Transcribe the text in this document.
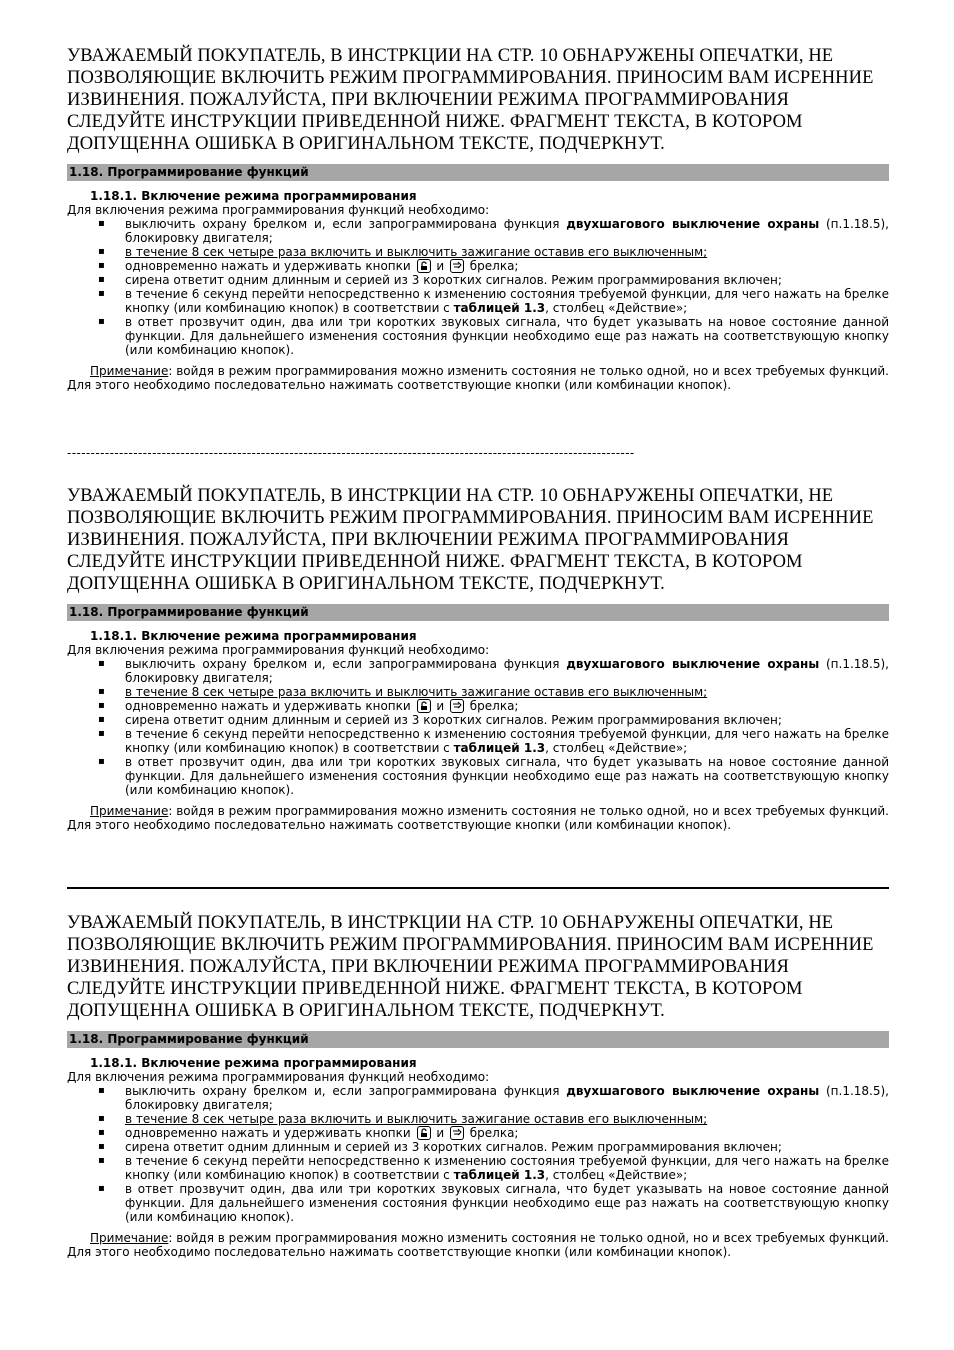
УВАЖАЕМЫЙ ПОКУПАТЕЛЬ, В ИНСТРКЦИИ НА СТР. 10 ОБНАРУЖЕНЫ ОПЕЧАТКИ, НЕ ПОЗВОЛЯЮЩИЕ ВКЛЮЧИТЬ РЕЖИМ ПРОГРАММИРОВАНИЯ. ПРИНОСИМ ВАМ ИСРЕННИЕ ИЗВИНЕНИЯ. ПОЖАЛУЙСТА, ПРИ ВКЛЮЧЕНИИ РЕЖИМА ПРОГРАММИРОВАНИЯ СЛЕДУЙТЕ ИНСТРУКЦИИ ПРИВЕДЕННОЙ НИЖЕ. ФРАГМЕНТ ТЕКСТА, В КОТОРОМ ДОПУЩЕННА ОШИБКА В ОРИГИНАЛЬНОМ ТЕКСТЕ, ПОДЧЕРКНУТ.

1.18. Программирование функций
1.18.1. Включение режима программирования

Для включения режима программирования функций необходимо:

▪ выключить охрану брелком и, если запрограммирована функция двухшагового выключение охраны (п.1.18.5), блокировку двигателя;
▪ в течение 8 сек четыре раза включить и выключить зажигание оставив его выключенным;
▪ одновременно нажать и удерживать кнопки
и
брелка;
▪ сирена ответит одним длинным и серией из 3 коротких сигналов. Режим программирования включен;
▪ в течение 6 секунд перейти непосредственно к изменению состояния требуемой функции, для чего нажать на брелке кнопку (или комбинацию кнопок) в соответствии с таблицей 1.3, столбец «Действие»;
▪ в ответ прозвучит один, два или три коротких звуковых сигнала, что будет указывать на новое состояние данной функции. Для дальнейшего изменения состояния функции необходимо еще раз нажать на соответствующую кнопку (или комбинацию кнопок).

Примечание: войдя в режим программирования можно изменить состояния не только одной, но и всех требуемых функций. Для этого необходимо последовательно нажимать соответствующие кнопки (или комбинации кнопок).

------------------------------------------------------------------------------------------------------------------------

УВАЖАЕМЫЙ ПОКУПАТЕЛЬ, В ИНСТРКЦИИ НА СТР. 10 ОБНАРУЖЕНЫ ОПЕЧАТКИ, НЕ ПОЗВОЛЯЮЩИЕ ВКЛЮЧИТЬ РЕЖИМ ПРОГРАММИРОВАНИЯ. ПРИНОСИМ ВАМ ИСРЕННИЕ ИЗВИНЕНИЯ. ПОЖАЛУЙСТА, ПРИ ВКЛЮЧЕНИИ РЕЖИМА ПРОГРАММИРОВАНИЯ СЛЕДУЙТЕ ИНСТРУКЦИИ ПРИВЕДЕННОЙ НИЖЕ. ФРАГМЕНТ ТЕКСТА, В КОТОРОМ ДОПУЩЕННА ОШИБКА В ОРИГИНАЛЬНОМ ТЕКСТЕ, ПОДЧЕРКНУТ.

1.18. Программирование функций
1.18.1. Включение режима программирования

Для включения режима программирования функций необходимо:

▪ выключить охрану брелком и, если запрограммирована функция двухшагового выключение охраны (п.1.18.5), блокировку двигателя;
▪ в течение 8 сек четыре раза включить и выключить зажигание оставив его выключенным;
▪ одновременно нажать и удерживать кнопки
и
брелка;
▪ сирена ответит одним длинным и серией из 3 коротких сигналов. Режим программирования включен;
▪ в течение 6 секунд перейти непосредственно к изменению состояния требуемой функции, для чего нажать на брелке кнопку (или комбинацию кнопок) в соответствии с таблицей 1.3, столбец «Действие»;
▪ в ответ прозвучит один, два или три коротких звуковых сигнала, что будет указывать на новое состояние данной функции. Для дальнейшего изменения состояния функции необходимо еще раз нажать на соответствующую кнопку (или комбинацию кнопок).

Примечание: войдя в режим программирования можно изменить состояния не только одной, но и всех требуемых функций. Для этого необходимо последовательно нажимать соответствующие кнопки (или комбинации кнопок).

УВАЖАЕМЫЙ ПОКУПАТЕЛЬ, В ИНСТРКЦИИ НА СТР. 10 ОБНАРУЖЕНЫ ОПЕЧАТКИ, НЕ ПОЗВОЛЯЮЩИЕ ВКЛЮЧИТЬ РЕЖИМ ПРОГРАММИРОВАНИЯ. ПРИНОСИМ ВАМ ИСРЕННИЕ ИЗВИНЕНИЯ. ПОЖАЛУЙСТА, ПРИ ВКЛЮЧЕНИИ РЕЖИМА ПРОГРАММИРОВАНИЯ СЛЕДУЙТЕ ИНСТРУКЦИИ ПРИВЕДЕННОЙ НИЖЕ. ФРАГМЕНТ ТЕКСТА, В КОТОРОМ ДОПУЩЕННА ОШИБКА В ОРИГИНАЛЬНОМ ТЕКСТЕ, ПОДЧЕРКНУТ.

1.18. Программирование функций
1.18.1. Включение режима программирования

Для включения режима программирования функций необходимо:

▪ выключить охрану брелком и, если запрограммирована функция двухшагового выключение охраны (п.1.18.5), блокировку двигателя;
▪ в течение 8 сек четыре раза включить и выключить зажигание оставив его выключенным;
▪ одновременно нажать и удерживать кнопки
и
брелка;
▪ сирена ответит одним длинным и серией из 3 коротких сигналов. Режим программирования включен;
▪ в течение 6 секунд перейти непосредственно к изменению состояния требуемой функции, для чего нажать на брелке кнопку (или комбинацию кнопок) в соответствии с таблицей 1.3, столбец «Действие»;
▪ в ответ прозвучит один, два или три коротких звуковых сигнала, что будет указывать на новое состояние данной функции. Для дальнейшего изменения состояния функции необходимо еще раз нажать на соответствующую кнопку (или комбинацию кнопок).

Примечание: войдя в режим программирования можно изменить состояния не только одной, но и всех требуемых функций. Для этого необходимо последовательно нажимать соответствующие кнопки (или комбинации кнопок).
